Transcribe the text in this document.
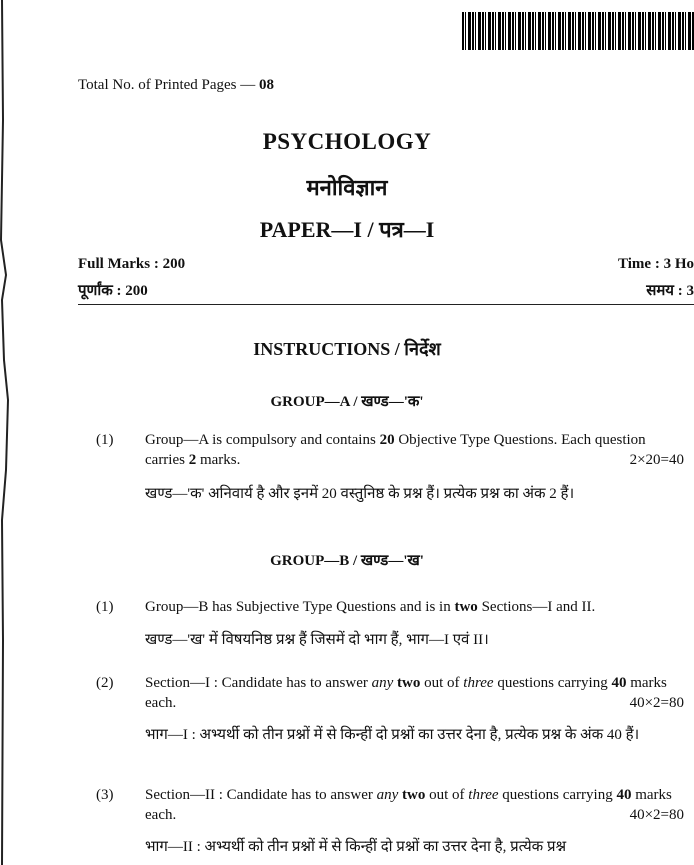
Total No. of Printed Pages — 08
PSYCHOLOGY
मनोविज्ञान
PAPER—I / पत्र—I
Full Marks : 200
पूर्णांक : 200
Time : 3 Ho
समय : 3
INSTRUCTIONS / निर्देश
GROUP—A / खण्ड—'क'
(1) Group—A is compulsory and contains 20 Objective Type Questions. Each question carries 2 marks.	2×20=40
खण्ड—'क' अनिवार्य है और इनमें 20 वस्तुनिष्ठ के प्रश्न हैं। प्रत्येक प्रश्न का अंक 2 हैं।
GROUP—B / खण्ड—'ख'
(1) Group—B has Subjective Type Questions and is in two Sections—I and II.
खण्ड—'ख' में विषयनिष्ठ प्रश्न हैं जिसमें दो भाग हैं, भाग—I एवं II।
(2) Section—I : Candidate has to answer any two out of three questions carrying 40 marks each.	40×2=80
भाग—I : अभ्यर्थी को तीन प्रश्नों में से किन्हीं दो प्रश्नों का उत्तर देना है, प्रत्येक प्रश्न के अंक 40 हैं।
(3) Section—II : Candidate has to answer any two out of three questions carrying 40 marks each.	40×2=80
भाग—II : अभ्यर्थी को तीन प्रश्नों में से किन्हीं दो प्रश्नों का उत्तर देना है, प्रत्येक प्रश्न
